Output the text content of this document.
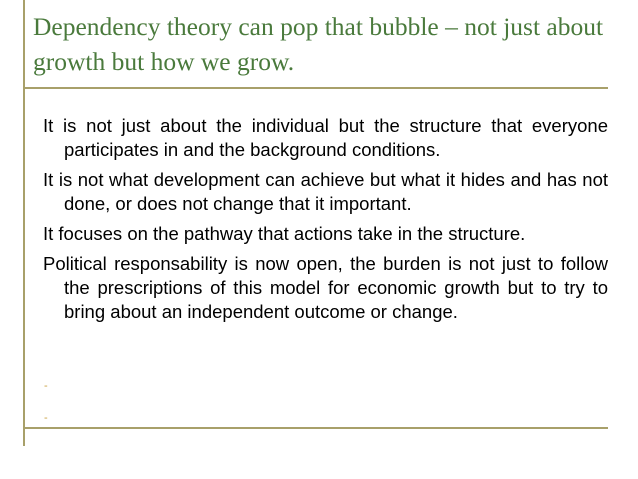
Dependency theory can pop that bubble – not just about growth but how we grow.
It is not just about the individual but the structure that everyone participates in and the background conditions.
It is not what development can achieve but what it hides and has not done, or does not change that it important.
It focuses on the pathway that actions take in the structure.
Political responsability is now open, the burden is not just to follow the prescriptions of this model for economic growth but to try to bring about an independent outcome or change.
-
-
